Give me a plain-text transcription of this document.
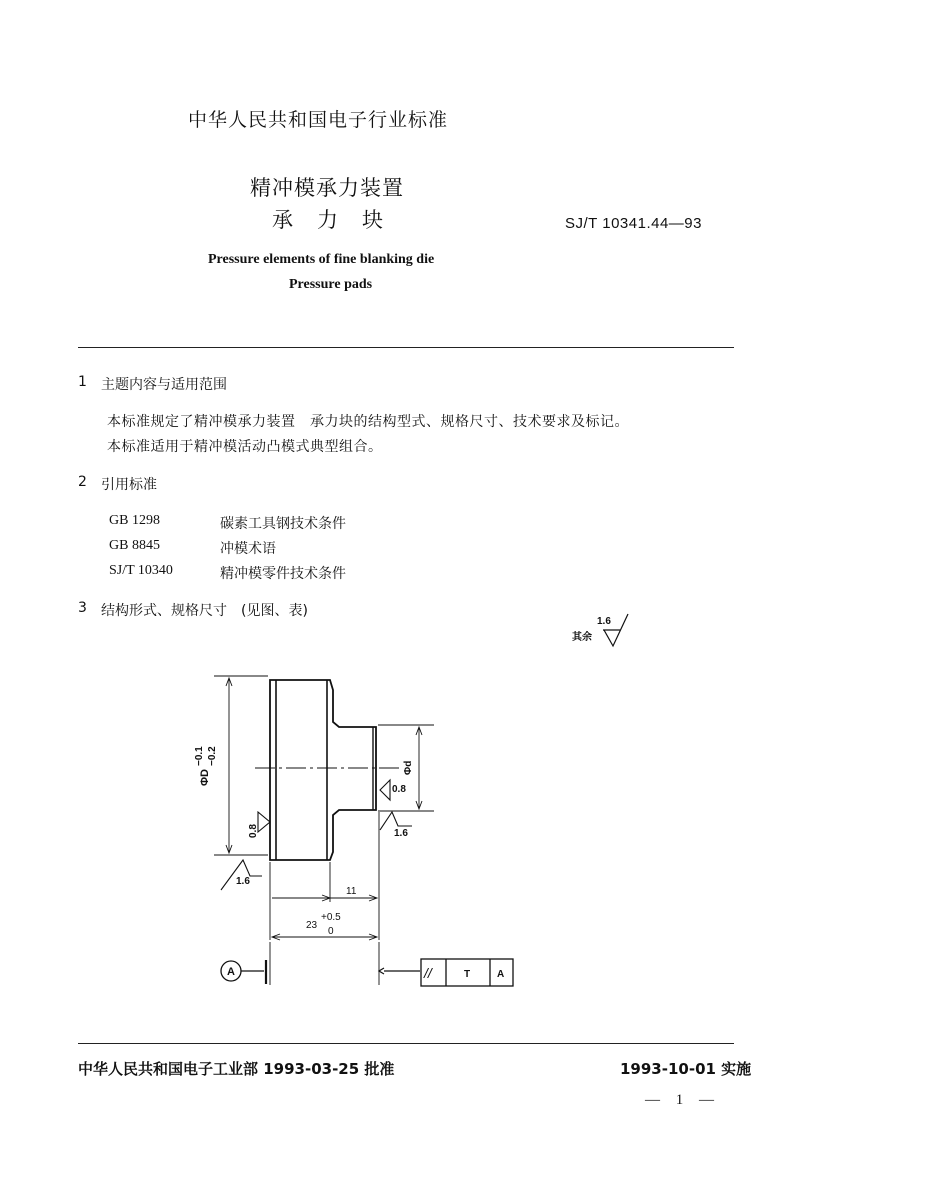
中华人民共和国电子行业标准
精冲模承力装置
承力块	SJ/T 10341.44—93
Pressure elements of fine blanking die
Pressure pads
1 主题内容与适用范围
本标准规定了精冲模承力装置　承力块的结构型式、规格尺寸、技术要求及标记。
本标准适用于精冲模活动凸模式典型组合。
2 引用标准
GB 1298	碳素工具钢技术条件
GB 8845	冲模术语
SJ/T 10340	精冲模零件技术条件
3 结构形式、规格尺寸　(见图、表)
1.6
其余
ΦD
−0.1 −0.2
Φd
0.8
0.8
1.6
1.6
11
23
+0.5
0
A	//	T	A
中华人民共和国电子工业部 1993-03-25 批准	1993-10-01 实施
— 1 —
